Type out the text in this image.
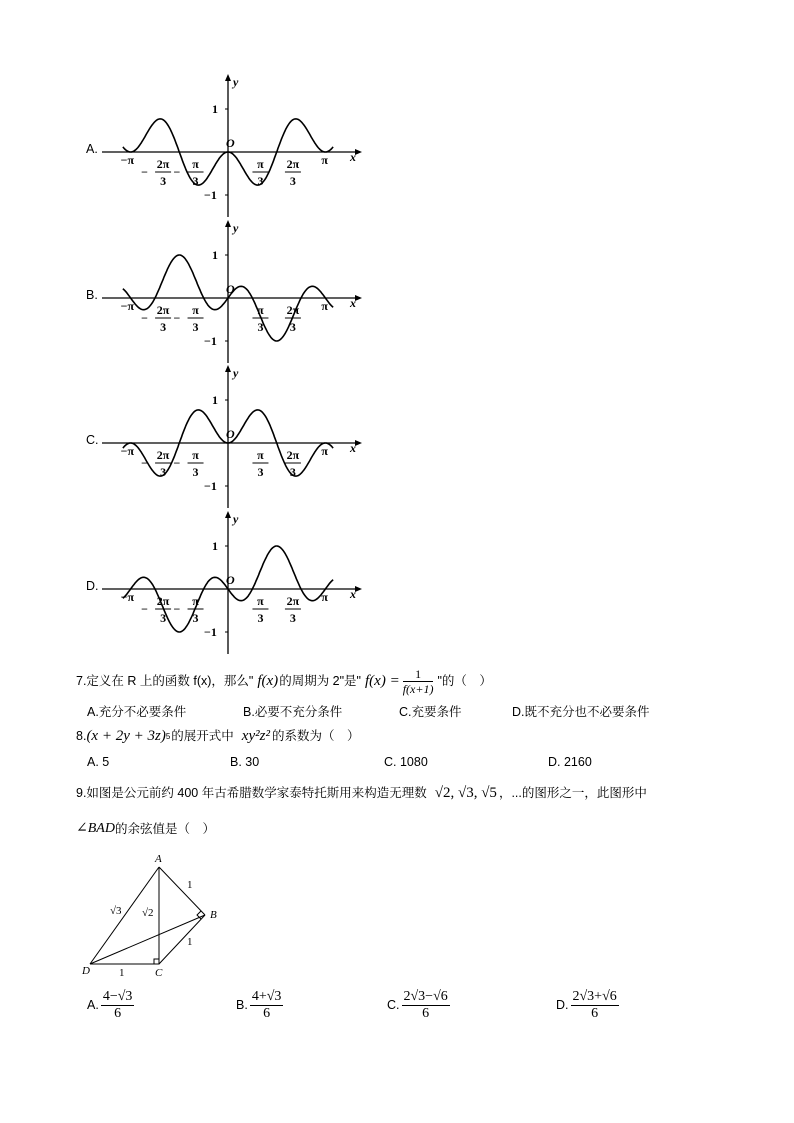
A.
x
y
O
1
−1
−π	π
−
2π
3
−
π
3
π
3
2π
3
B.
x
y
O
1
−1
−π	π
−
2π
3
−
π
3
π
3
2π
3
C.
x
y
O
1
−1
−π	π
−
2π
3
−
π
3
π
3
2π
3
D.
x
y
O
1
−1
−π	π
−
2π
3
−
π
3
π
3
2π
3
7.定义在 R 上的函数 f(x)，那么" f(x) 的周期为 2"是" $f(x) = \frac{1}{f(x+1)}$ "的（　）
A.充分不必要条件	B.必要不充分条件	C.充要条件	D.既不充分也不必要条件
8. (x + 2y + 3z) 5 的展开式中 xy²z² 的系数为（　）
A. 5	B. 30	C. 1080	D. 2160
9.如图是公元前约 400 年古希腊数学家泰特托斯用来构造无理数 √2, √3, √5 ，...的图形之一，此图形中
∠BAD 的余弦值是（　）
A
B
C
D
1
1
1
√3 √2
A. $\frac{4-√3}{6}$	B. $\frac{4+√3}{6}$	C. $\frac{2√3-√6}{6}$	D. $\frac{2√3+√6}{6}$
